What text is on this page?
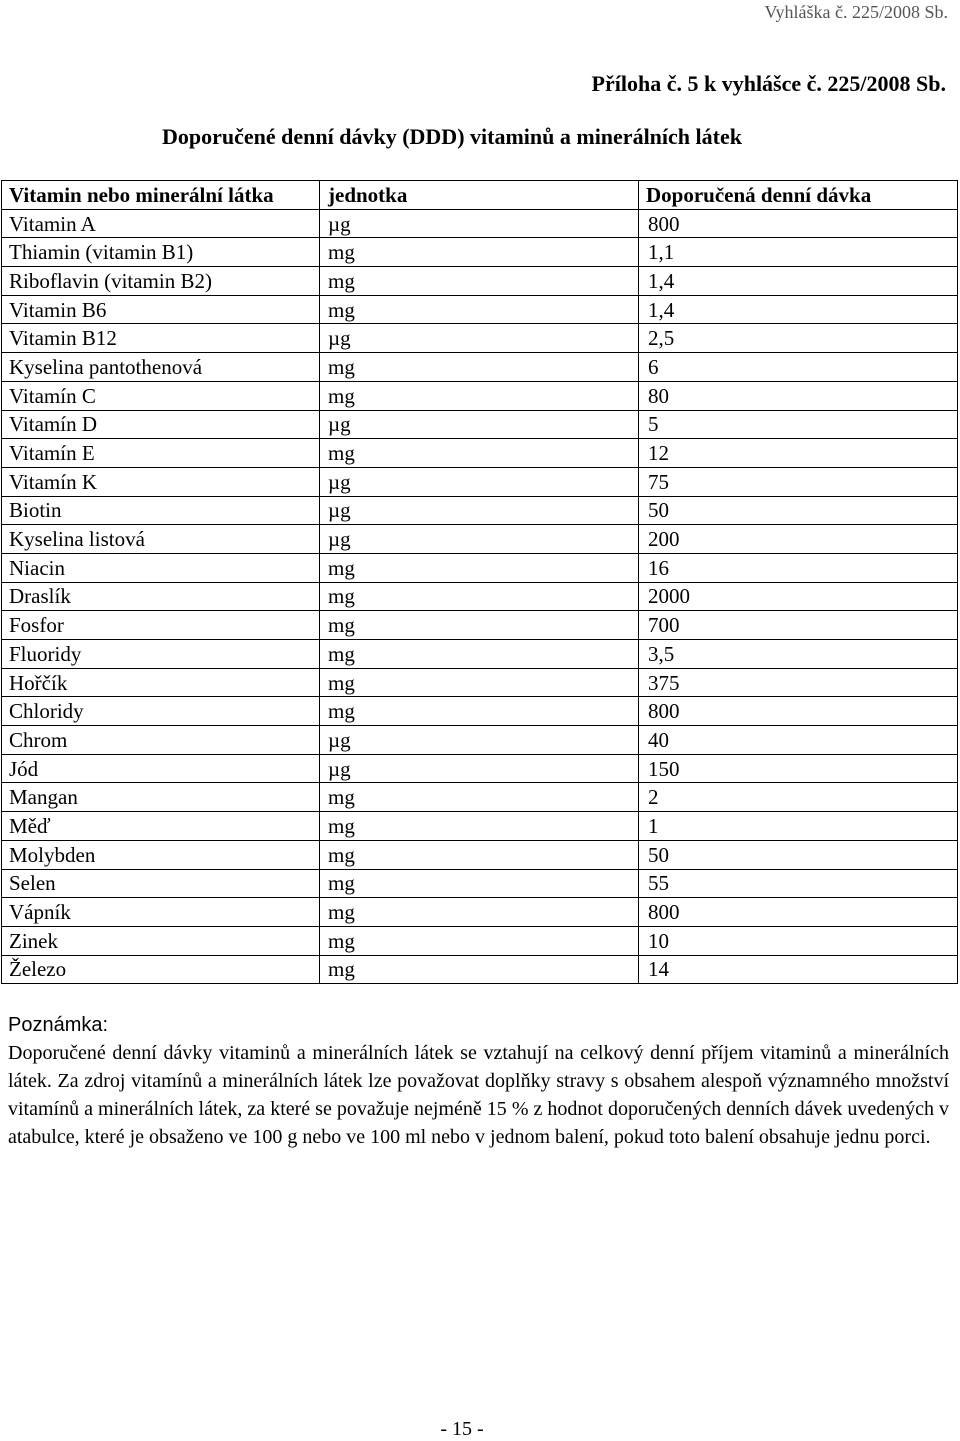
Vyhláška č. 225/2008 Sb.
Příloha č. 5 k vyhlášce č. 225/2008 Sb.
Doporučené denní dávky (DDD) vitaminů a minerálních látek
Vitamin nebo minerální látka	jednotka	Doporučená denní dávka
Vitamin A	µg	800
Thiamin (vitamin B1)	mg	1,1
Riboflavin (vitamin B2)	mg	1,4
Vitamin B6	mg	1,4
Vitamin B12	µg	2,5
Kyselina pantothenová	mg	6
Vitamín C	mg	80
Vitamín D	µg	5
Vitamín E	mg	12
Vitamín K	µg	75
Biotin	µg	50
Kyselina listová	µg	200
Niacin	mg	16
Draslík	mg	2000
Fosfor	mg	700
Fluoridy	mg	3,5
Hořčík	mg	375
Chloridy	mg	800
Chrom	µg	40
Jód	µg	150
Mangan	mg	2
Měď	mg	1
Molybden	mg	50
Selen	mg	55
Vápník	mg	800
Zinek	mg	10
Železo	mg	14
Poznámka:
Doporučené denní dávky vitaminů a minerálních látek se vztahují na celkový denní příjem vitaminů a minerálních látek. Za zdroj vitamínů a minerálních látek lze považovat doplňky stravy s obsahem alespoň významného množství vitamínů a minerálních látek, za které se považuje nejméně 15 % z hodnot doporučených denních dávek uvedených v atabulce, které je obsaženo ve 100 g nebo ve 100 ml nebo v jednom balení, pokud toto balení obsahuje jednu porci.
- 15 -
